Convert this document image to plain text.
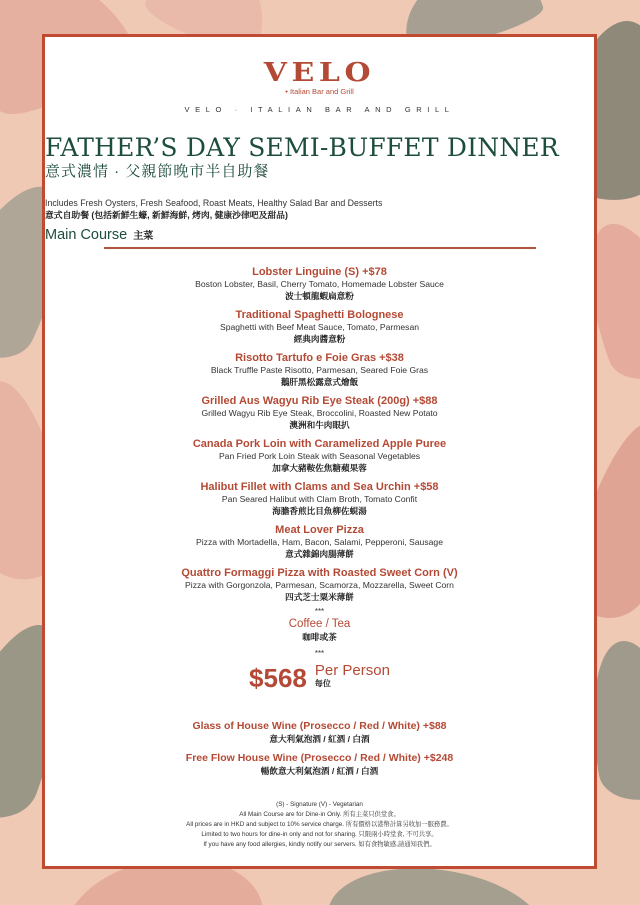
VELO
• Italian Bar and Grill
VELO · ITALIAN BAR AND GRILL
FATHER’S DAY SEMI-BUFFET DINNER
意式濃情 · 父親節晚市半自助餐
Includes Fresh Oysters, Fresh Seafood, Roast Meats, Healthy Salad Bar and Desserts
意式自助餐 (包括新鮮生蠔, 新鮮海鮮, 烤肉, 健康沙律吧及甜品)
Main Course 主菜
Lobster Linguine (S) +$78
Boston Lobster, Basil, Cherry Tomato, Homemade Lobster Sauce
波士頓龍蝦扁意粉
Traditional Spaghetti Bolognese
Spaghetti with Beef Meat Sauce, Tomato, Parmesan
經典肉醬意粉
Risotto Tartufo e Foie Gras +$38
Black Truffle Paste Risotto, Parmesan, Seared Foie Gras
鵝肝黑松露意式燴飯
Grilled Aus Wagyu Rib Eye Steak (200g) +$88
Grilled Wagyu Rib Eye Steak, Broccolini, Roasted New Potato
澳洲和牛肉眼扒
Canada Pork Loin with Caramelized Apple Puree
Pan Fried Pork Loin Steak with Seasonal Vegetables
加拿大豬鞍佐焦糖蘋果蓉
Halibut Fillet with Clams and Sea Urchin +$58
Pan Seared Halibut with Clam Broth, Tomato Confit
海膽香煎比目魚柳佐蜆湯
Meat Lover Pizza
Pizza with Mortadella, Ham, Bacon, Salami, Pepperoni, Sausage
意式雜錦肉腸薄餅
Quattro Formaggi Pizza with Roasted Sweet Corn (V)
Pizza with Gorgonzola, Parmesan, Scamorza, Mozzarella, Sweet Corn
四式芝士粟米薄餅
***
Coffee / Tea
咖啡或茶
***
$568 Per Person
每位
Glass of House Wine (Prosecco / Red / White) +$88
意大利氣泡酒 / 紅酒 / 白酒
Free Flow House Wine (Prosecco / Red / White) +$248
暢飲意大利氣泡酒 / 紅酒 / 白酒
(S) - Signature (V) - Vegetarian
All Main Course are for Dine-in Only. 所有主菜只供堂食。
All prices are in HKD and subject to 10% service charge. 所有價格以港幣計算另收加一服務費。
Limited to two hours for dine-in only and not for sharing. 只限兩小時堂食, 不可共享。
If you have any food allergies, kindly notify our servers. 如有食物敏感,請通知我們。
